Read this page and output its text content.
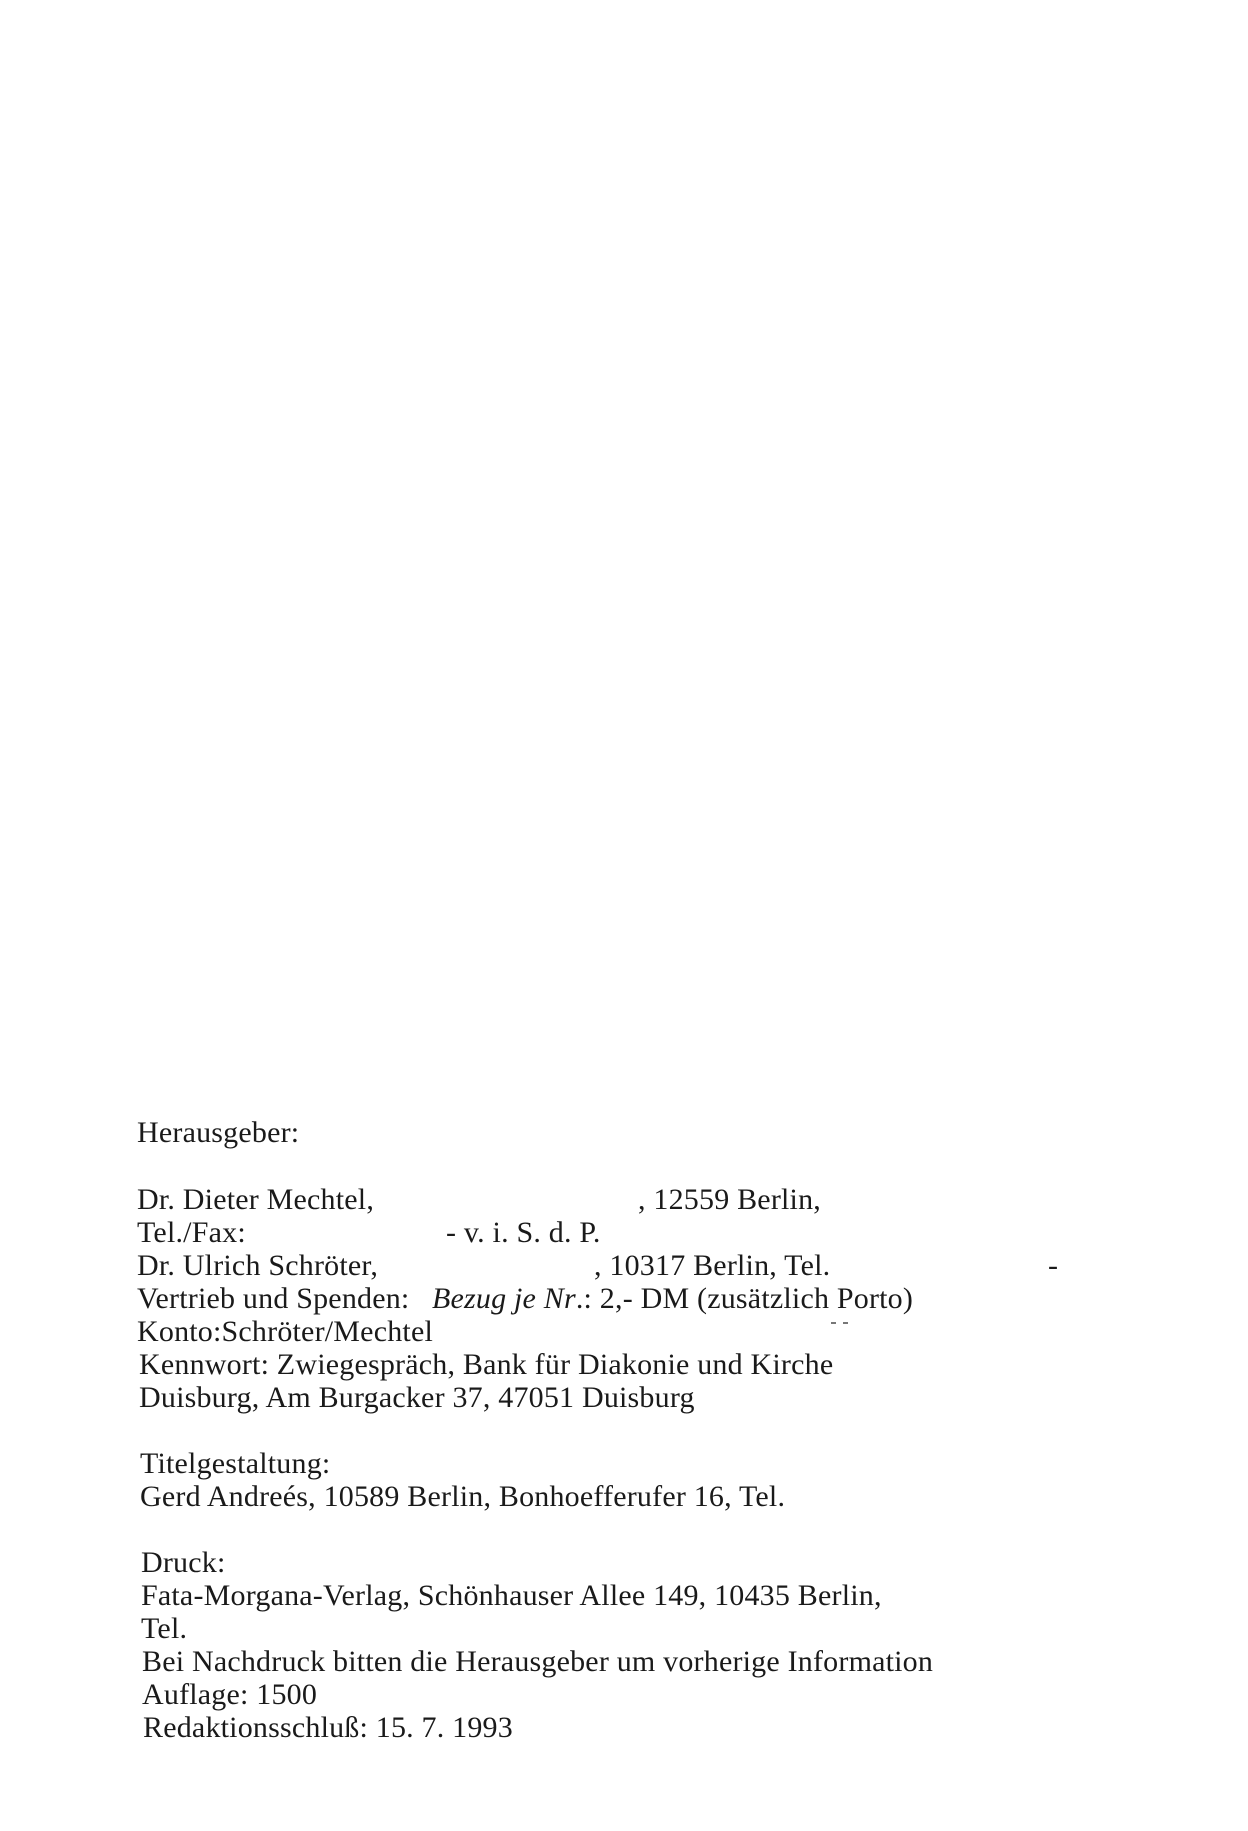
Herausgeber:
Dr. Dieter Mechtel,	, 12559 Berlin,
Tel./Fax:	- v. i. S. d. P.
Dr. Ulrich Schröter,	, 10317 Berlin, Tel.	-
Vertrieb und Spenden: Bezug je Nr.: 2,- DM (zusätzlich Porto)
Konto:Schröter/Mechtel
Kennwort: Zwiegespräch, Bank für Diakonie und Kirche
Duisburg, Am Burgacker 37, 47051 Duisburg
Titelgestaltung:
Gerd Andreés, 10589 Berlin, Bonhoefferufer 16, Tel.
Druck:
Fata-Morgana-Verlag, Schönhauser Allee 149, 10435 Berlin,
Tel.
Bei Nachdruck bitten die Herausgeber um vorherige Information
Auflage: 1500
Redaktionsschluß: 15. 7. 1993
